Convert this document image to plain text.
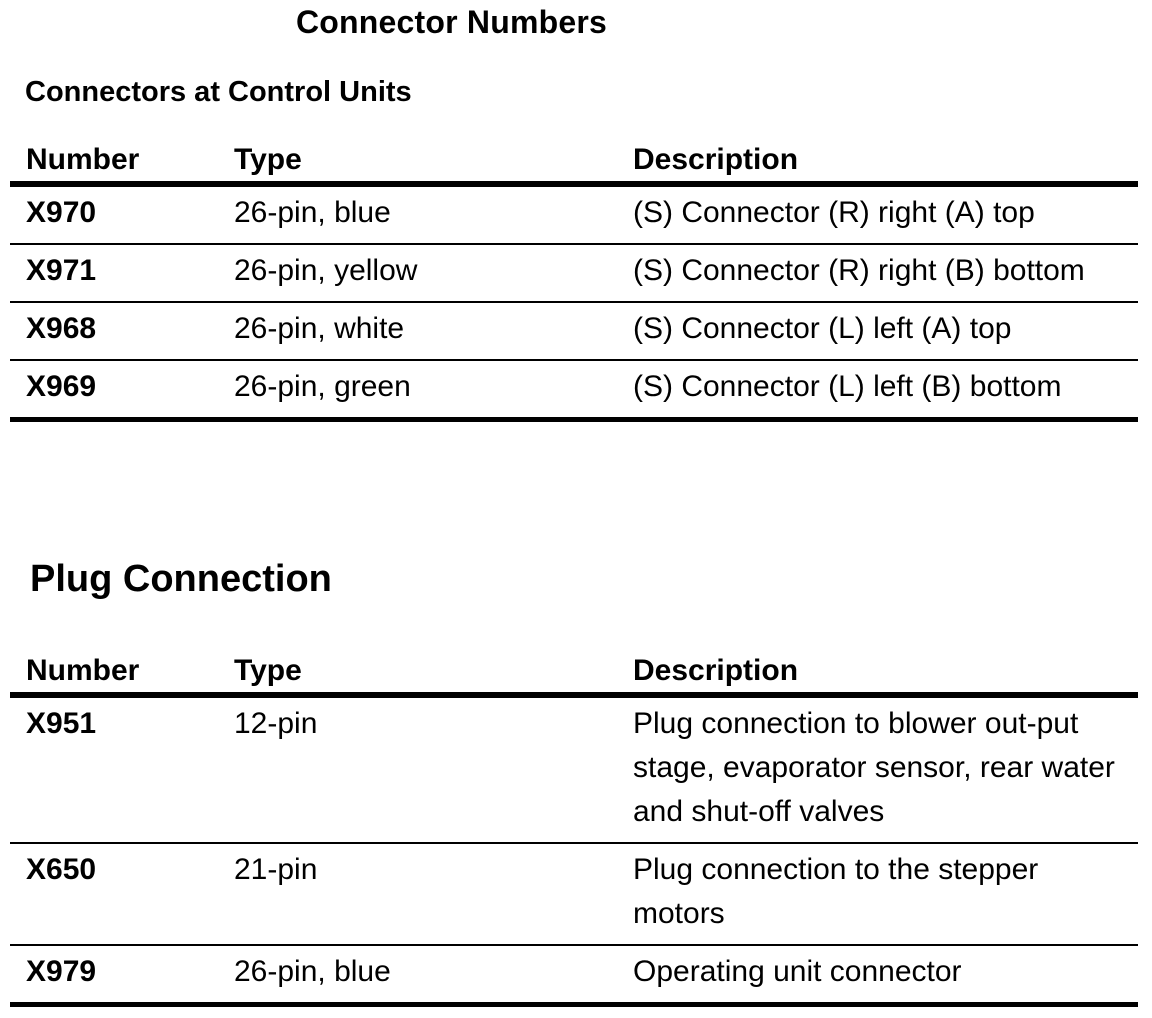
Connector Numbers
Connectors at Control Units
Number	Type	Description
X970	26-pin, blue	(S) Connector (R) right (A) top
X971	26-pin, yellow	(S) Connector (R) right (B) bottom
X968	26-pin, white	(S) Connector (L) left (A) top
X969	26-pin, green	(S) Connector (L) left (B) bottom
Plug Connection
Number	Type	Description
X951	12-pin	Plug connection to blower out-put stage, evaporator sensor, rear water and shut-off valves
X650	21-pin	Plug connection to the stepper motors
X979	26-pin, blue	Operating unit connector
